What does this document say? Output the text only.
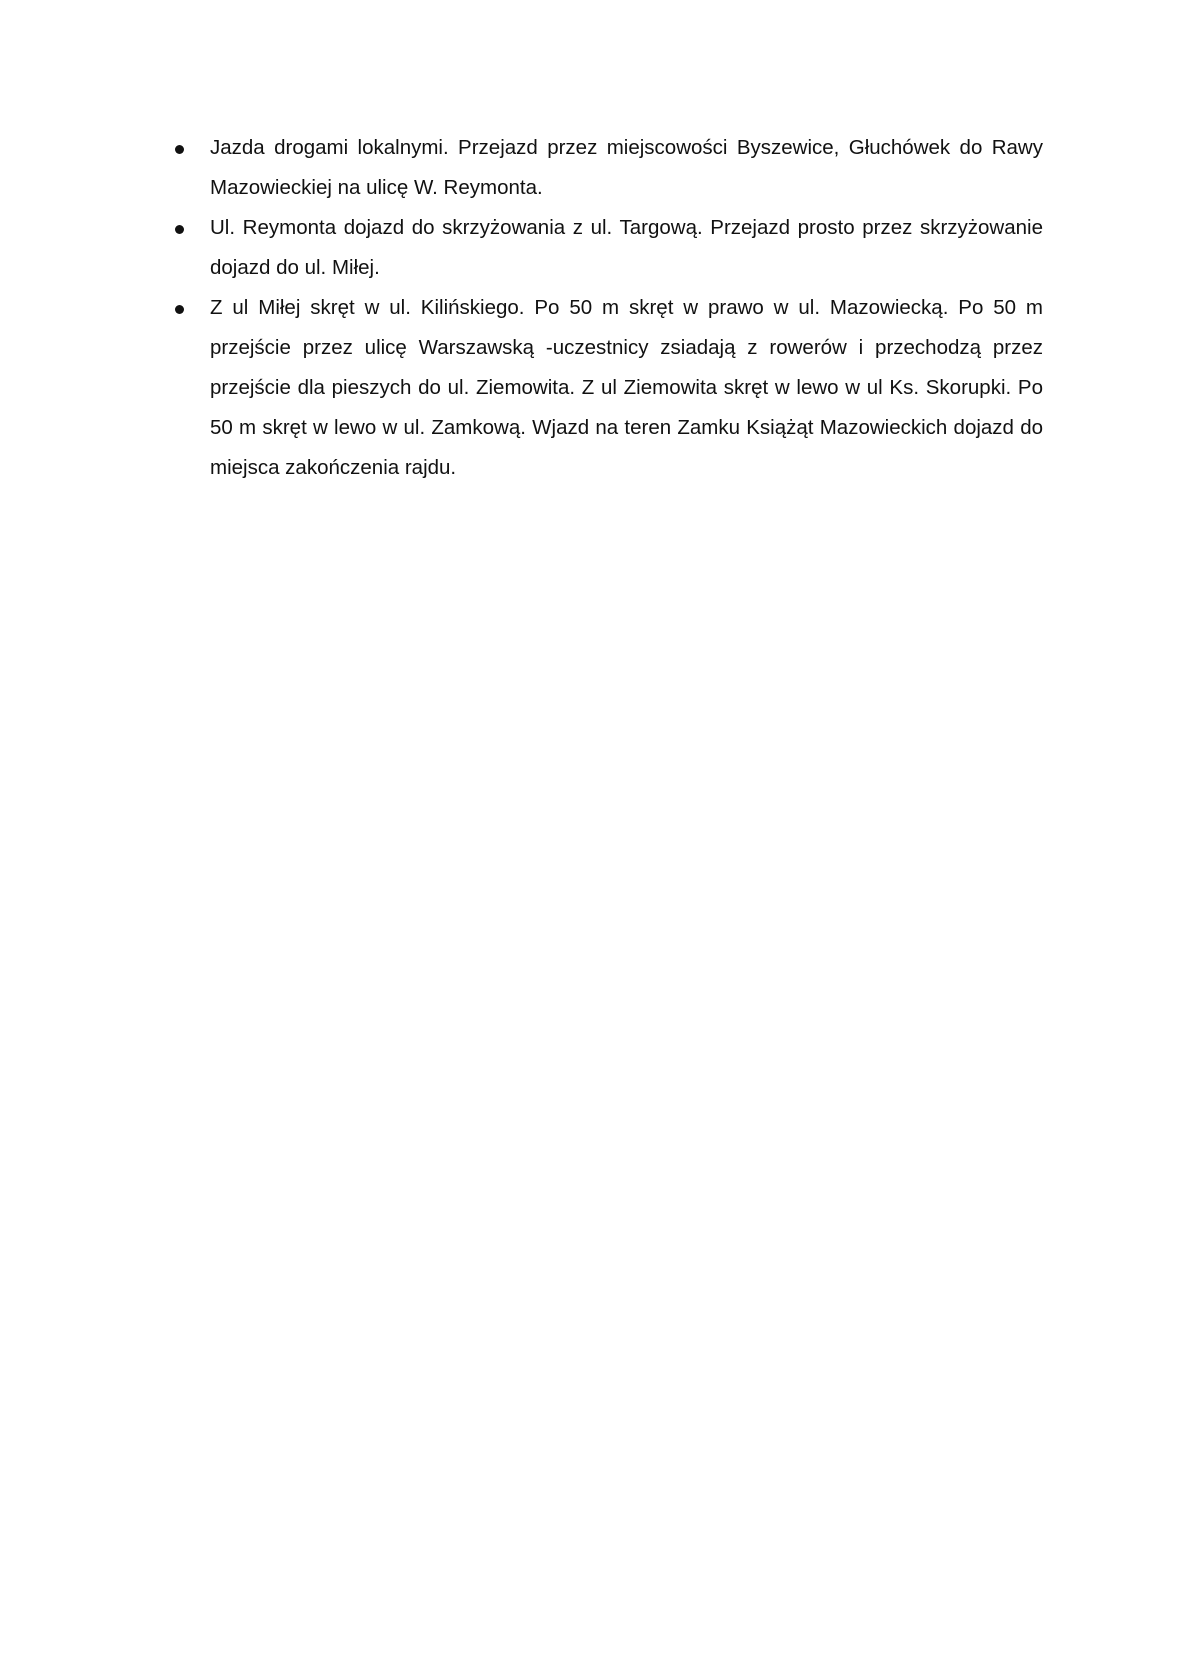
Jazda drogami lokalnymi. Przejazd przez miejscowości Byszewice, Głuchówek do Rawy Mazowieckiej na ulicę W. Reymonta.
Ul. Reymonta dojazd do skrzyżowania z ul. Targową. Przejazd prosto przez skrzyżowanie dojazd do ul. Miłej.
Z ul Miłej skręt w ul. Kilińskiego. Po 50 m skręt w prawo w ul. Mazowiecką. Po 50 m przejście przez ulicę Warszawską -uczestnicy zsiadają z rowerów i przechodzą przez przejście dla pieszych do ul. Ziemowita. Z ul Ziemowita skręt w lewo w ul Ks. Skorupki. Po 50 m skręt w lewo w ul. Zamkową. Wjazd na teren Zamku Książąt Mazowieckich dojazd do miejsca zakończenia rajdu.
